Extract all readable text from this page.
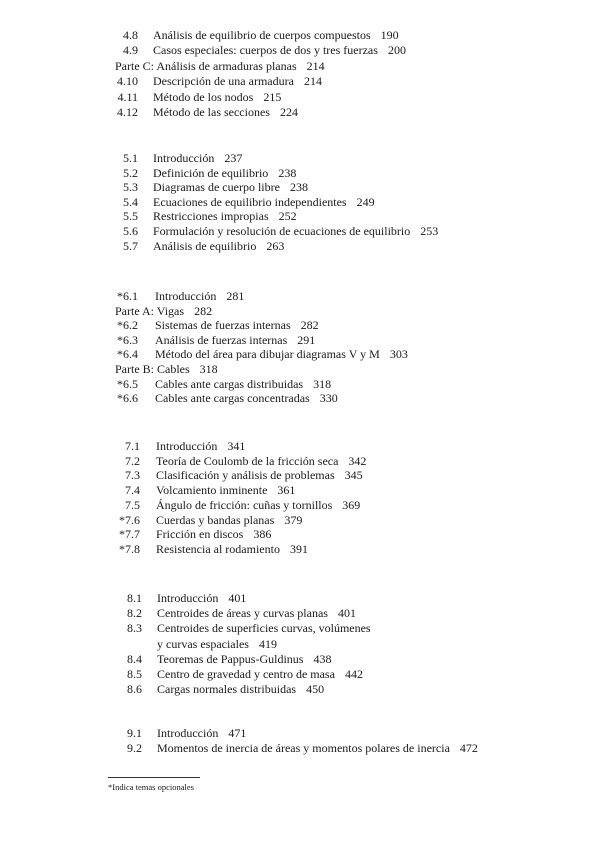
4.8 Análisis de equilibrio de cuerpos compuestos 190
4.9 Casos especiales: cuerpos de dos y tres fuerzas 200
Parte C: Análisis de armaduras planas 214
4.10 Descripción de una armadura 214
4.11 Método de los nodos 215
4.12 Método de las secciones 224
5.1 Introducción 237
5.2 Definición de equilibrio 238
5.3 Diagramas de cuerpo libre 238
5.4 Ecuaciones de equilibrio independientes 249
5.5 Restricciones impropias 252
5.6 Formulación y resolución de ecuaciones de equilibrio 253
5.7 Análisis de equilibrio 263
*6.1 Introducción 281
Parte A: Vigas 282
*6.2 Sistemas de fuerzas internas 282
*6.3 Análisis de fuerzas internas 291
*6.4 Método del área para dibujar diagramas V y M 303
Parte B: Cables 318
*6.5 Cables ante cargas distribuidas 318
*6.6 Cables ante cargas concentradas 330
7.1 Introducción 341
7.2 Teoría de Coulomb de la fricción seca 342
7.3 Clasificación y análisis de problemas 345
7.4 Volcamiento inminente 361
7.5 Ángulo de fricción: cuñas y tornillos 369
*7.6 Cuerdas y bandas planas 379
*7.7 Fricción en discos 386
*7.8 Resistencia al rodamiento 391
8.1 Introducción 401
8.2 Centroides de áreas y curvas planas 401
8.3 Centroides de superficies curvas, volúmenes
y curvas espaciales 419
8.4 Teoremas de Pappus-Guldinus 438
8.5 Centro de gravedad y centro de masa 442
8.6 Cargas normales distribuidas 450
9.1 Introducción 471
9.2 Momentos de inercia de áreas y momentos polares de inercia 472
*Indica temas opcionales
